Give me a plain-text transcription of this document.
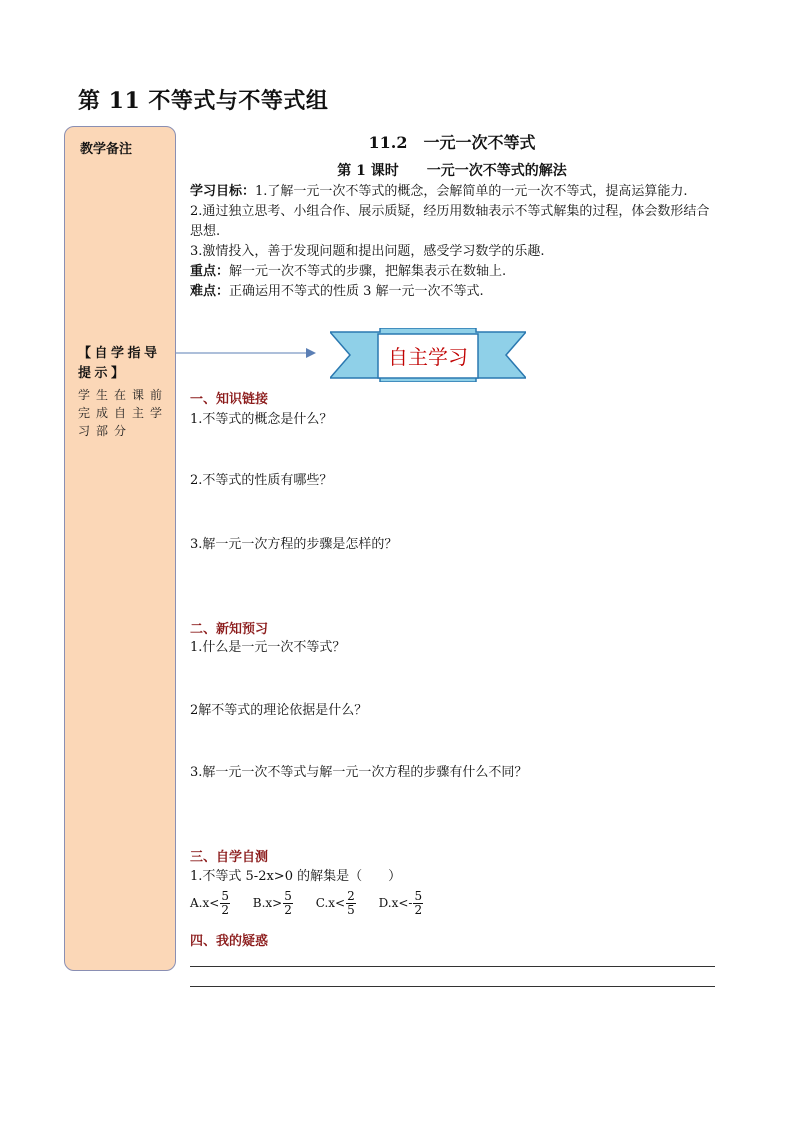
第 11 不等式与不等式组
教学备注
【自学指导提示】
学生在课前完成自主学习部分
11.2　一元一次不等式
第 1 课时　　一元一次不等式的解法
学习目标：1.了解一元一次不等式的概念，会解简单的一元一次不等式，提高运算能力.
2.通过独立思考、小组合作、展示质疑，经历用数轴表示不等式解集的过程，体会数形结合思想.
3.激情投入，善于发现问题和提出问题，感受学习数学的乐趣.
重点：解一元一次不等式的步骤，把解集表示在数轴上.
难点：正确运用不等式的性质 3 解一元一次不等式.
自主学习
一、知识链接
1.不等式的概念是什么？
2.不等式的性质有哪些？
3.解一元一次方程的步骤是怎样的？
二、新知预习
1.什么是一元一次不等式？
2解不等式的理论依据是什么？
3.解一元一次不等式与解一元一次方程的步骤有什么不同？
三、自学自测
1.不等式 5-2x>0 的解集是（　　）
$A.x< \frac{5}{2} B.x> \frac{5}{2} C.x< \frac{2}{5} D.x<- \frac{5}{2}$
四、我的疑惑
